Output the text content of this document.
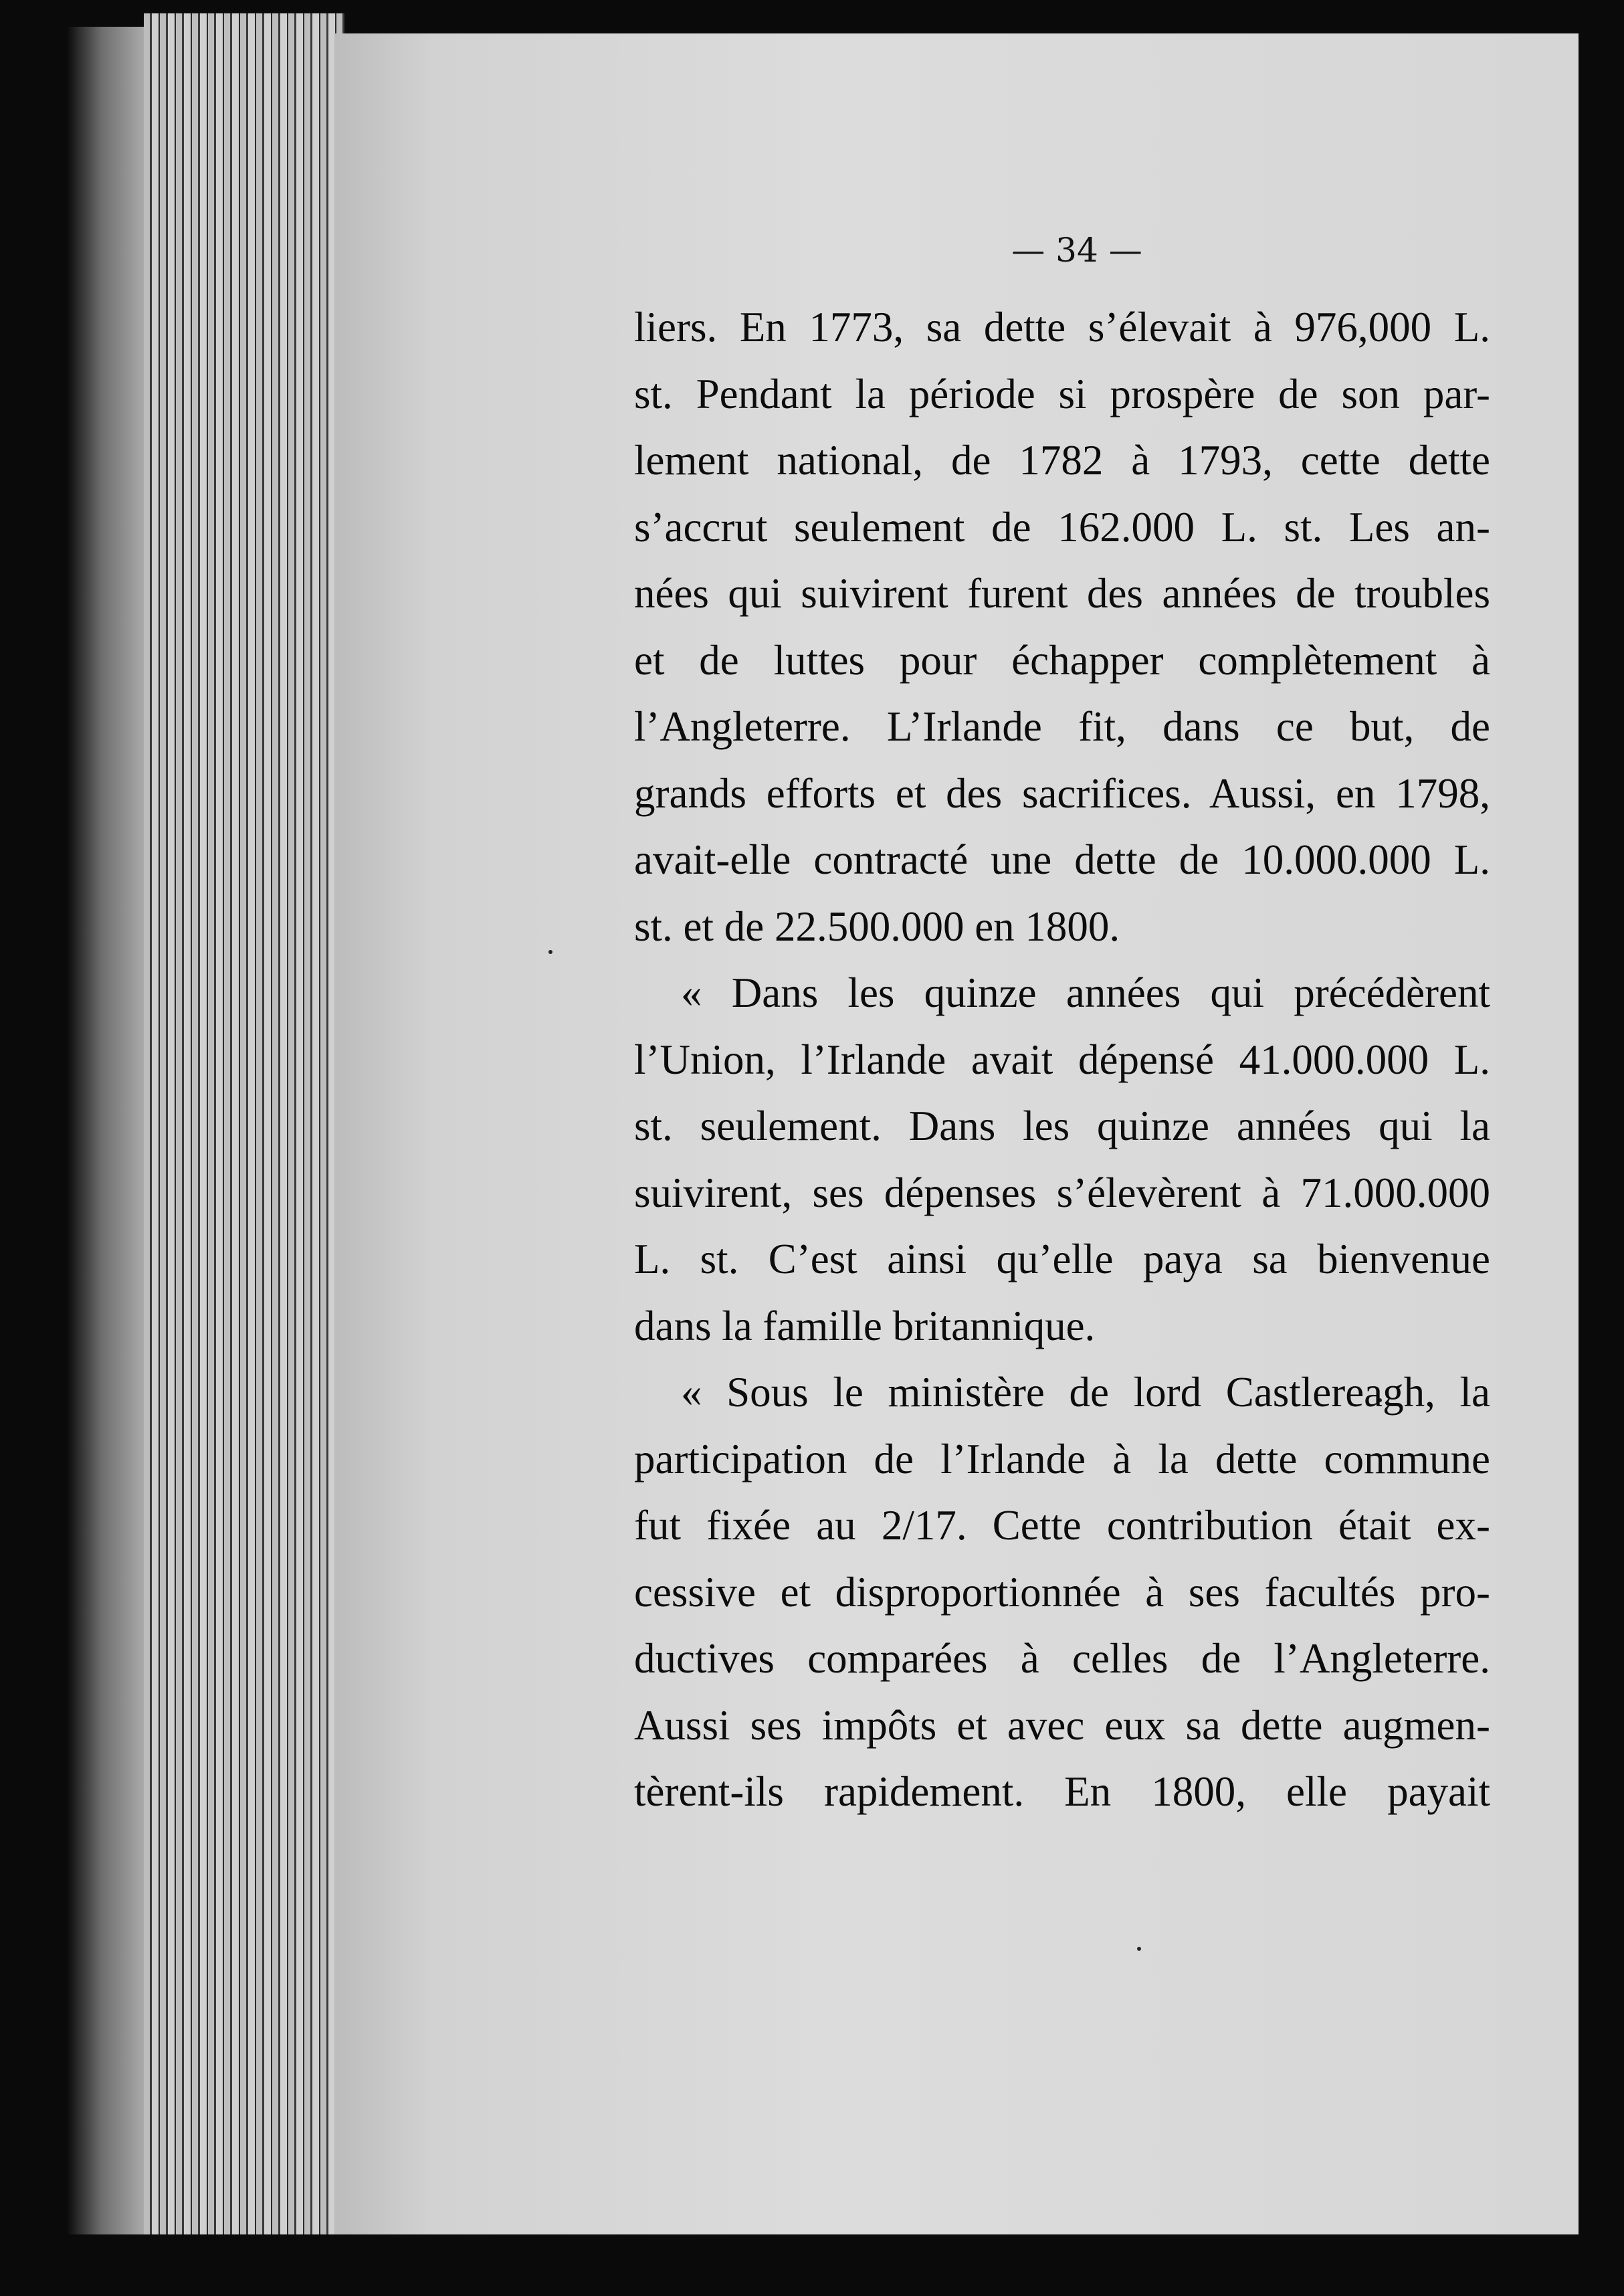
— 34 —
liers. En 1773, sa dette s’élevait à 976,000 L.
st. Pendant la période si prospère de son par-
lement national, de 1782 à 1793, cette dette
s’accrut seulement de 162.000 L. st. Les an-
nées qui suivirent furent des années de troubles
et de luttes pour échapper complètement à
l’Angleterre. L’Irlande fit, dans ce but, de
grands efforts et des sacrifices. Aussi, en 1798,
avait-elle contracté une dette de 10.000.000 L.
st. et de 22.500.000 en 1800.
« Dans les quinze années qui précédèrent
l’Union, l’Irlande avait dépensé 41.000.000 L.
st. seulement. Dans les quinze années qui la
suivirent, ses dépenses s’élevèrent à 71.000.000
L. st. C’est ainsi qu’elle paya sa bienvenue
dans la famille britannique.
« Sous le ministère de lord Castlereagh, la
participation de l’Irlande à la dette commune
fut fixée au 2/17. Cette contribution était ex-
cessive et disproportionnée à ses facultés pro-
ductives comparées à celles de l’Angleterre.
Aussi ses impôts et avec eux sa dette augmen-
tèrent-ils rapidement. En 1800, elle payait
